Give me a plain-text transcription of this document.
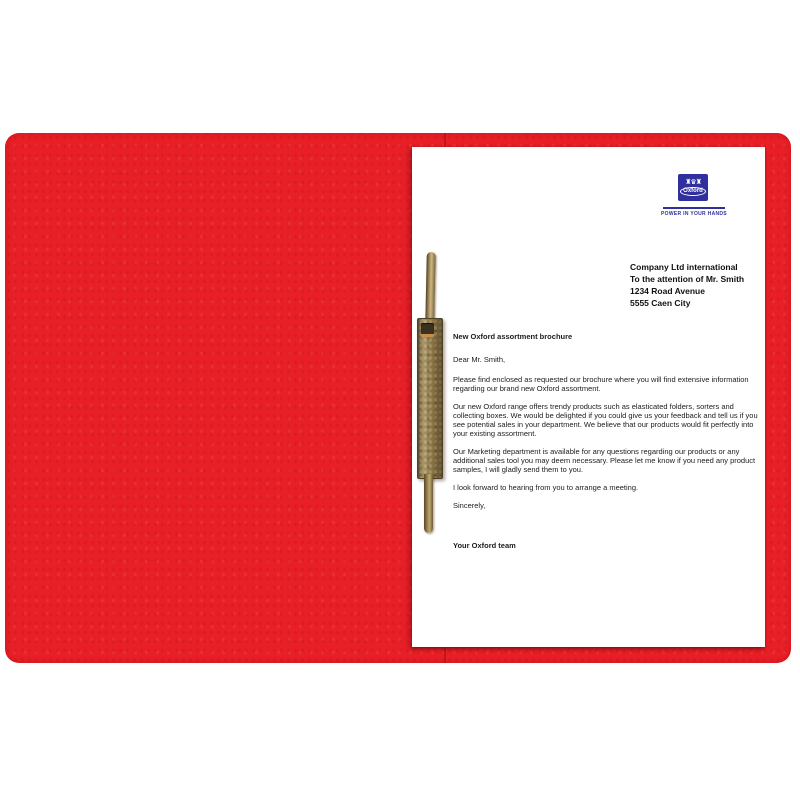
♜♛♜
Oxford
POWER IN YOUR HANDS
Company Ltd international
To the attention of Mr. Smith
1234 Road Avenue
5555 Caen City

New Oxford assortment brochure

Dear Mr. Smith,

Please find enclosed as requested our brochure where you will find extensive information regarding our brand new Oxford assortment.

Our new Oxford range offers trendy products such as elasticated folders, sorters and collecting boxes. We would be delighted if you could give us your feedback and tell us if you see potential sales in your department. We believe that our products would fit perfectly into your existing assortment.

Our Marketing department is available for any questions regarding our products or any additional sales tool you may deem necessary. Please let me know if you need any product samples, I will gladly send them to you.

I look forward to hearing from you to arrange a meeting.

Sincerely,

Your Oxford team
